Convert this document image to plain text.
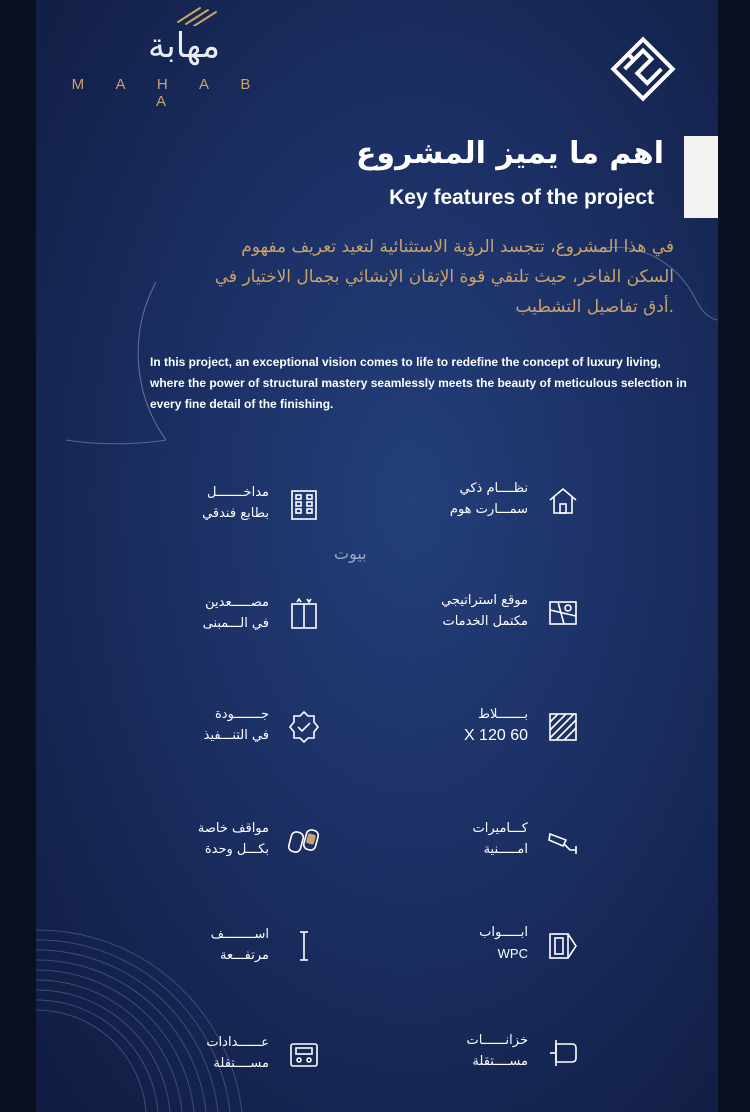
مهابة
M A H A B A
اهم ما يميز المشروع
Key features of the project
في هذا المشروع، تتجسد الرؤية الاستثنائية لتعيد تعريف مفهوم
السكن الفاخر، حيث تلتقي قوة الإتقان الإنشائي بجمال الاختيار في
.أدق تفاصيل التشطيب
In this project, an exceptional vision comes to life to redefine the concept of luxury living, where the power of structural mastery seamlessly meets the beauty of meticulous selection in every fine detail of the finishing.
بيوت
مداخـــــــل
بطابع فندقي
مصـــــعدين
في الـــمبنى
جـــــــودة
في التنـــفيذ
مواقف خاصة
بكـــل وحدة
اســــــــف
مرتفـــعة
عــــــدادات
مســــتقلة
نظــــام ذكي
سمـــارت هوم
موقع استراتيجي
مكتمل الخدمات
بـــــــلاط
60 X 120
كـــاميرات
امـــــنية
ابـــــواب
WPC
خزانــــــات
مســــتقلة
